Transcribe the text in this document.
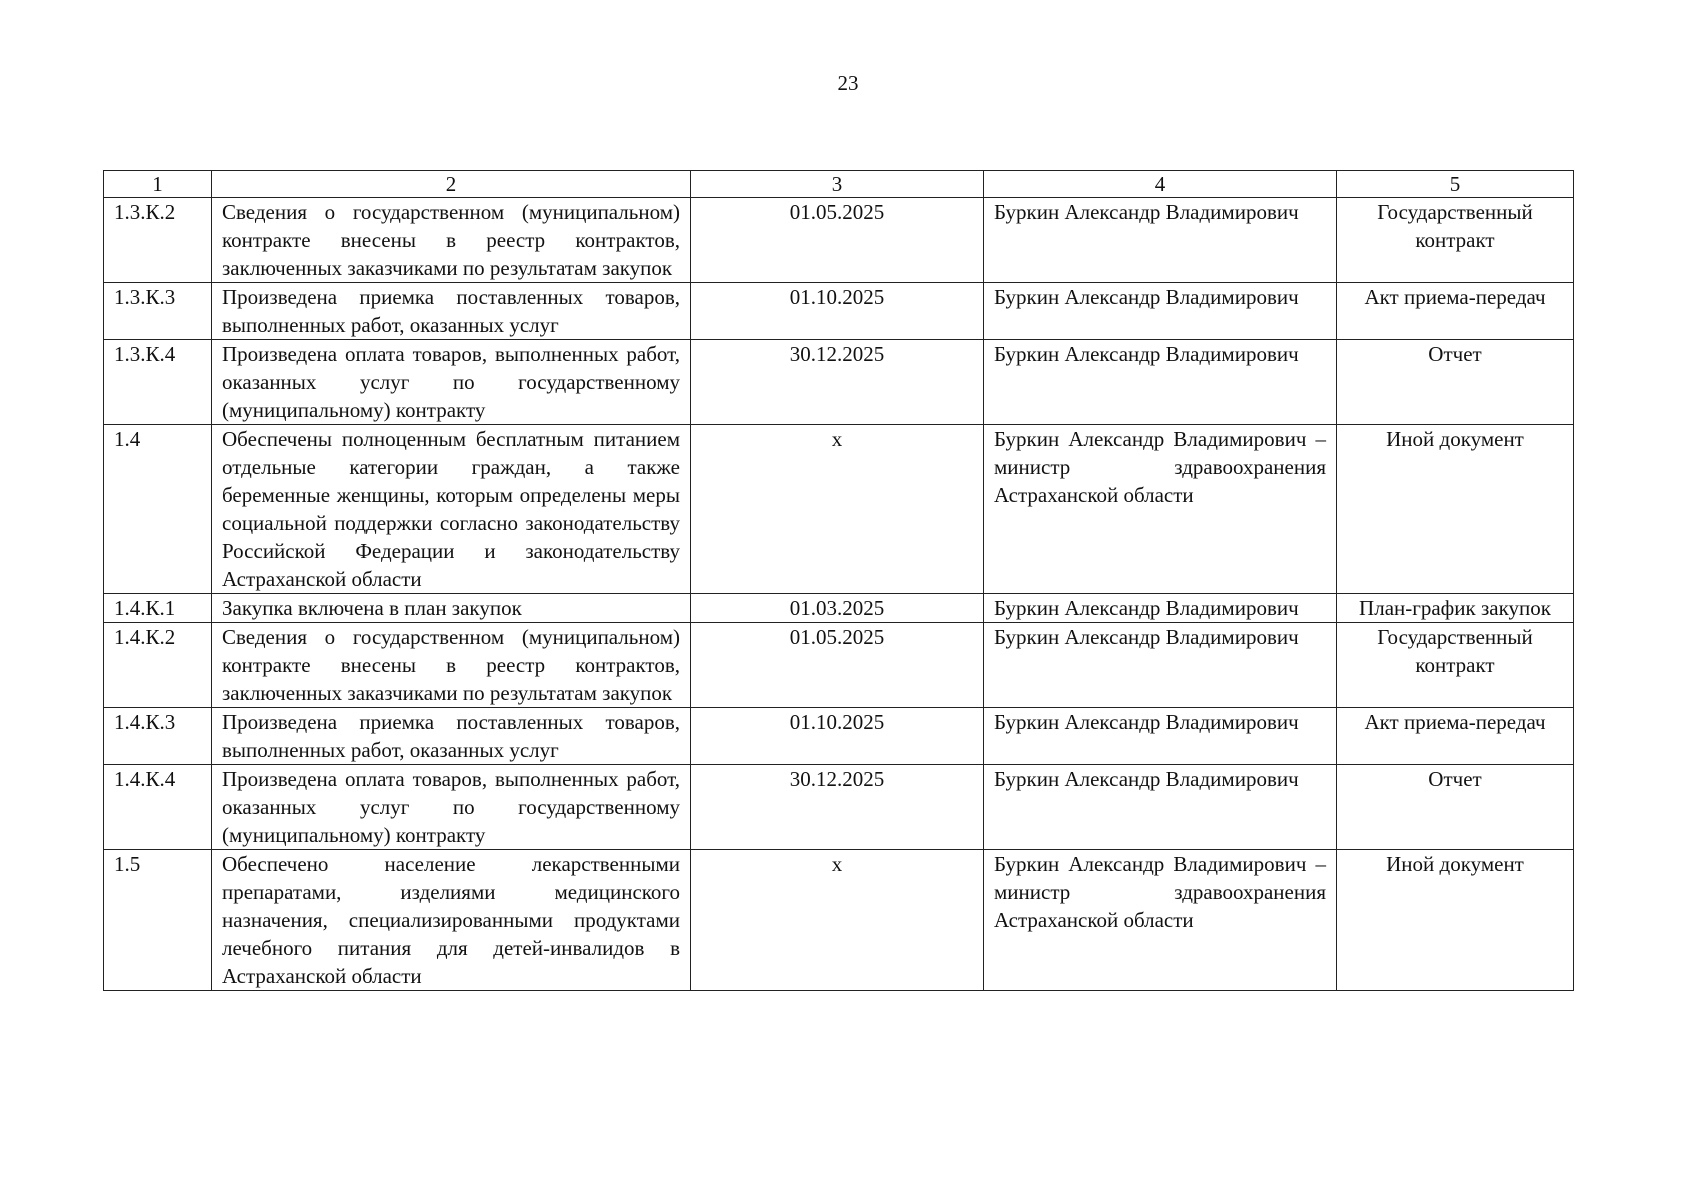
23
1	2	3	4	5
1.3.К.2	Сведения о государственном (муниципальном) контракте внесены в реестр контрактов, заключенных заказчиками по результатам закупок	01.05.2025	Буркин Александр Владимирович	Государственный контракт
1.3.К.3	Произведена приемка поставленных товаров, выполненных работ, оказанных услуг	01.10.2025	Буркин Александр Владимирович	Акт приема-передач
1.3.К.4	Произведена оплата товаров, выполненных работ, оказанных услуг по государственному (муниципальному) контракту	30.12.2025	Буркин Александр Владимирович	Отчет
1.4	Обеспечены полноценным бесплатным питанием отдельные категории граждан, а также беременные женщины, которым определены меры социальной поддержки согласно законодательству Российской Федерации и законодательству Астраханской области	х	Буркин Александр Владимирович – министр здравоохранения Астраханской области	Иной документ
1.4.К.1	Закупка включена в план закупок	01.03.2025	Буркин Александр Владимирович	План-график закупок
1.4.К.2	Сведения о государственном (муниципальном) контракте внесены в реестр контрактов, заключенных заказчиками по результатам закупок	01.05.2025	Буркин Александр Владимирович	Государственный контракт
1.4.К.3	Произведена приемка поставленных товаров, выполненных работ, оказанных услуг	01.10.2025	Буркин Александр Владимирович	Акт приема-передач
1.4.К.4	Произведена оплата товаров, выполненных работ, оказанных услуг по государственному (муниципальному) контракту	30.12.2025	Буркин Александр Владимирович	Отчет
1.5	Обеспечено население лекарственными препаратами, изделиями медицинского назначения, специализированными продуктами лечебного питания для детей-инвалидов в Астраханской области	х	Буркин Александр Владимирович – министр здравоохранения Астраханской области	Иной документ
